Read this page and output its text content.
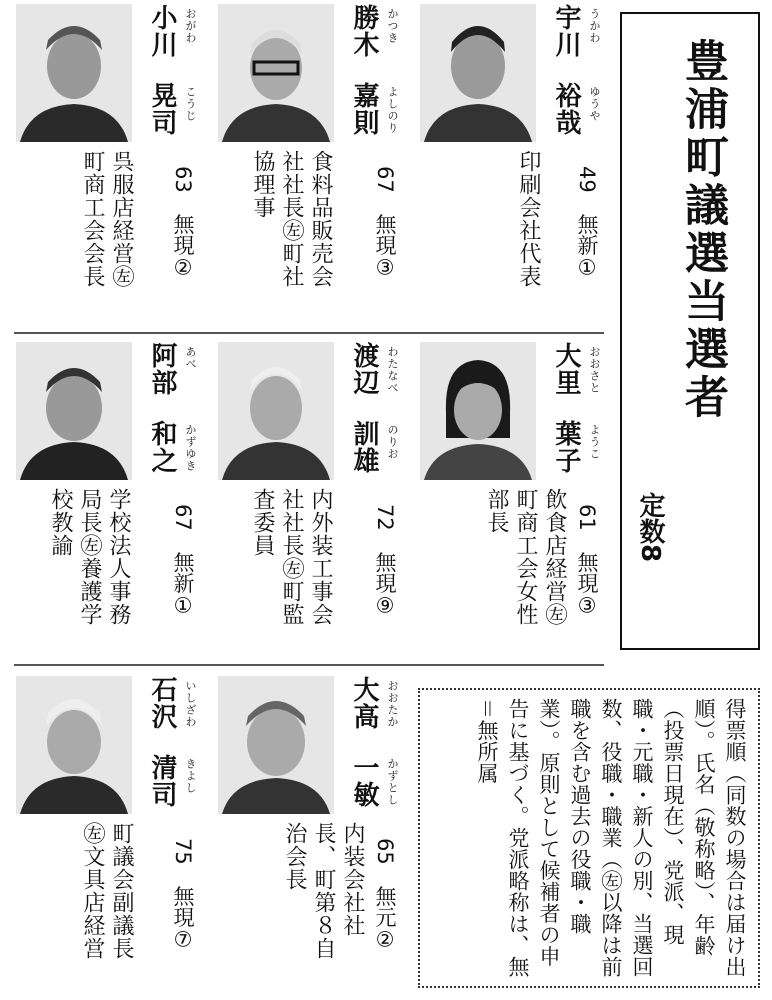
豊浦町議選当選者
定数8
宇川 うかわ
裕哉 ゆうや
49　無新①
印刷会社代表
勝木 かつき
嘉則 よしのり
67　無現③
食料品販売会社社長㊧町社協理事
小川 おがわ
晃司 こうじ
63　無現②
呉服店経営㊧町商工会会長
大里 おおさと
葉子 ようこ
61　無現③
飲食店経営㊧町商工会女性部長
渡辺 わたなべ
訓雄 のりお
72　無現⑨
内外装工事会社社長㊧町監査委員
阿部 あべ
和之 かずゆき
67　無新①
学校法人事務局長㊧養護学校教諭
大高 おおたか
一敏 かずとし
65　無元②
内装会社社長、町第８自治会長
石沢 いしざわ
清司 きよし
75　無現⑦
町議会副議長㊧文具店経営	得票順（同数の場合は届け出順）。氏名（敬称略）、年齢（投票日現在）、党派、現職・元職・新人の別、当選回数、役職・職業（㊧以降は前職を含む過去の役職・職業）。原則として候補者の申告に基づく。党派略称は、無＝無所属
